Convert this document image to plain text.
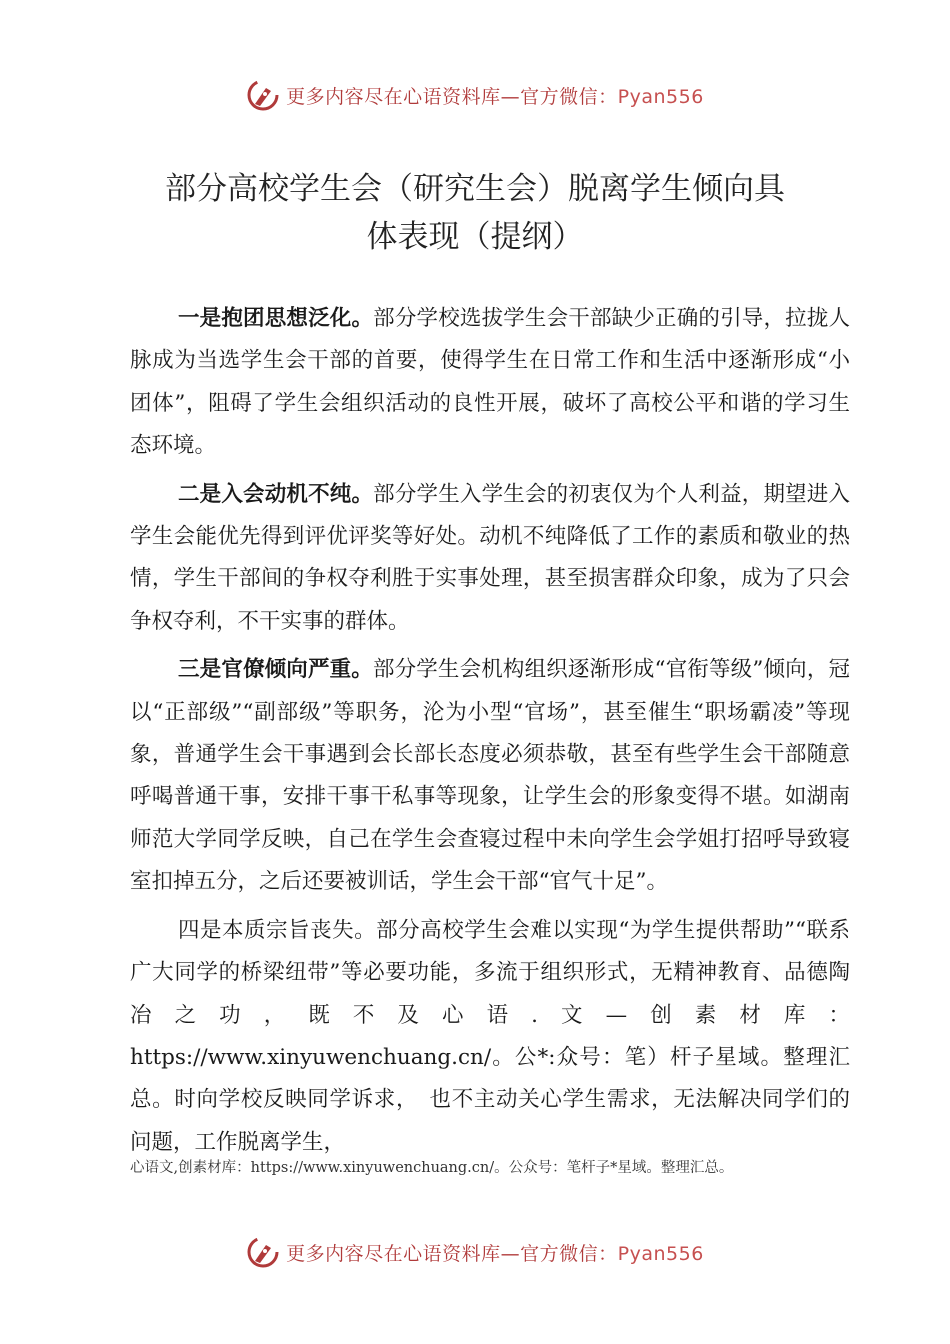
更多内容尽在心语资料库—官方微信：Pyan556
部分高校学生会（研究生会）脱离学生倾向具
体表现（提纲）

一是抱团思想泛化。部分学校选拔学生会干部缺少正确的引导，拉拢人脉成为当选学生会干部的首要，使得学生在日常工作和生活中逐渐形成“小团体”，阻碍了学生会组织活动的良性开展，破坏了高校公平和谐的学习生态环境。

二是入会动机不纯。部分学生入学生会的初衷仅为个人利益，期望进入学生会能优先得到评优评奖等好处。动机不纯降低了工作的素质和敬业的热情，学生干部间的争权夺利胜于实事处理，甚至损害群众印象，成为了只会争权夺利，不干实事的群体。

三是官僚倾向严重。部分学生会机构组织逐渐形成“官衔等级”倾向，冠以“正部级”“副部级”等职务，沦为小型“官场”，甚至催生“职场霸凌”等现象，普通学生会干事遇到会长部长态度必须恭敬，甚至有些学生会干部随意呼喝普通干事，安排干事干私事等现象，让学生会的形象变得不堪。如湖南师范大学同学反映，自己在学生会查寝过程中未向学生会学姐打招呼导致寝室扣掉五分，之后还要被训话，学生会干部“官气十足”。

四是本质宗旨丧失。部分高校学生会难以实现“为学生提供帮助”“联系广大同学的桥梁纽带”等必要功能，多流于组织形式，无精神教育、品德陶冶之功，既不及心语.文—创素材库：https://www.xinyuwenchuang.cn/。公*:众号：笔）杆子星域。整理汇总。时向学校反映同学诉求，　也不主动关心学生需求，无法解决同学们的问题，工作脱离学生，

心语文,创素材库：https://www.xinyuwenchuang.cn/。公众号：笔杆子*星域。整理汇总。
更多内容尽在心语资料库—官方微信：Pyan556
